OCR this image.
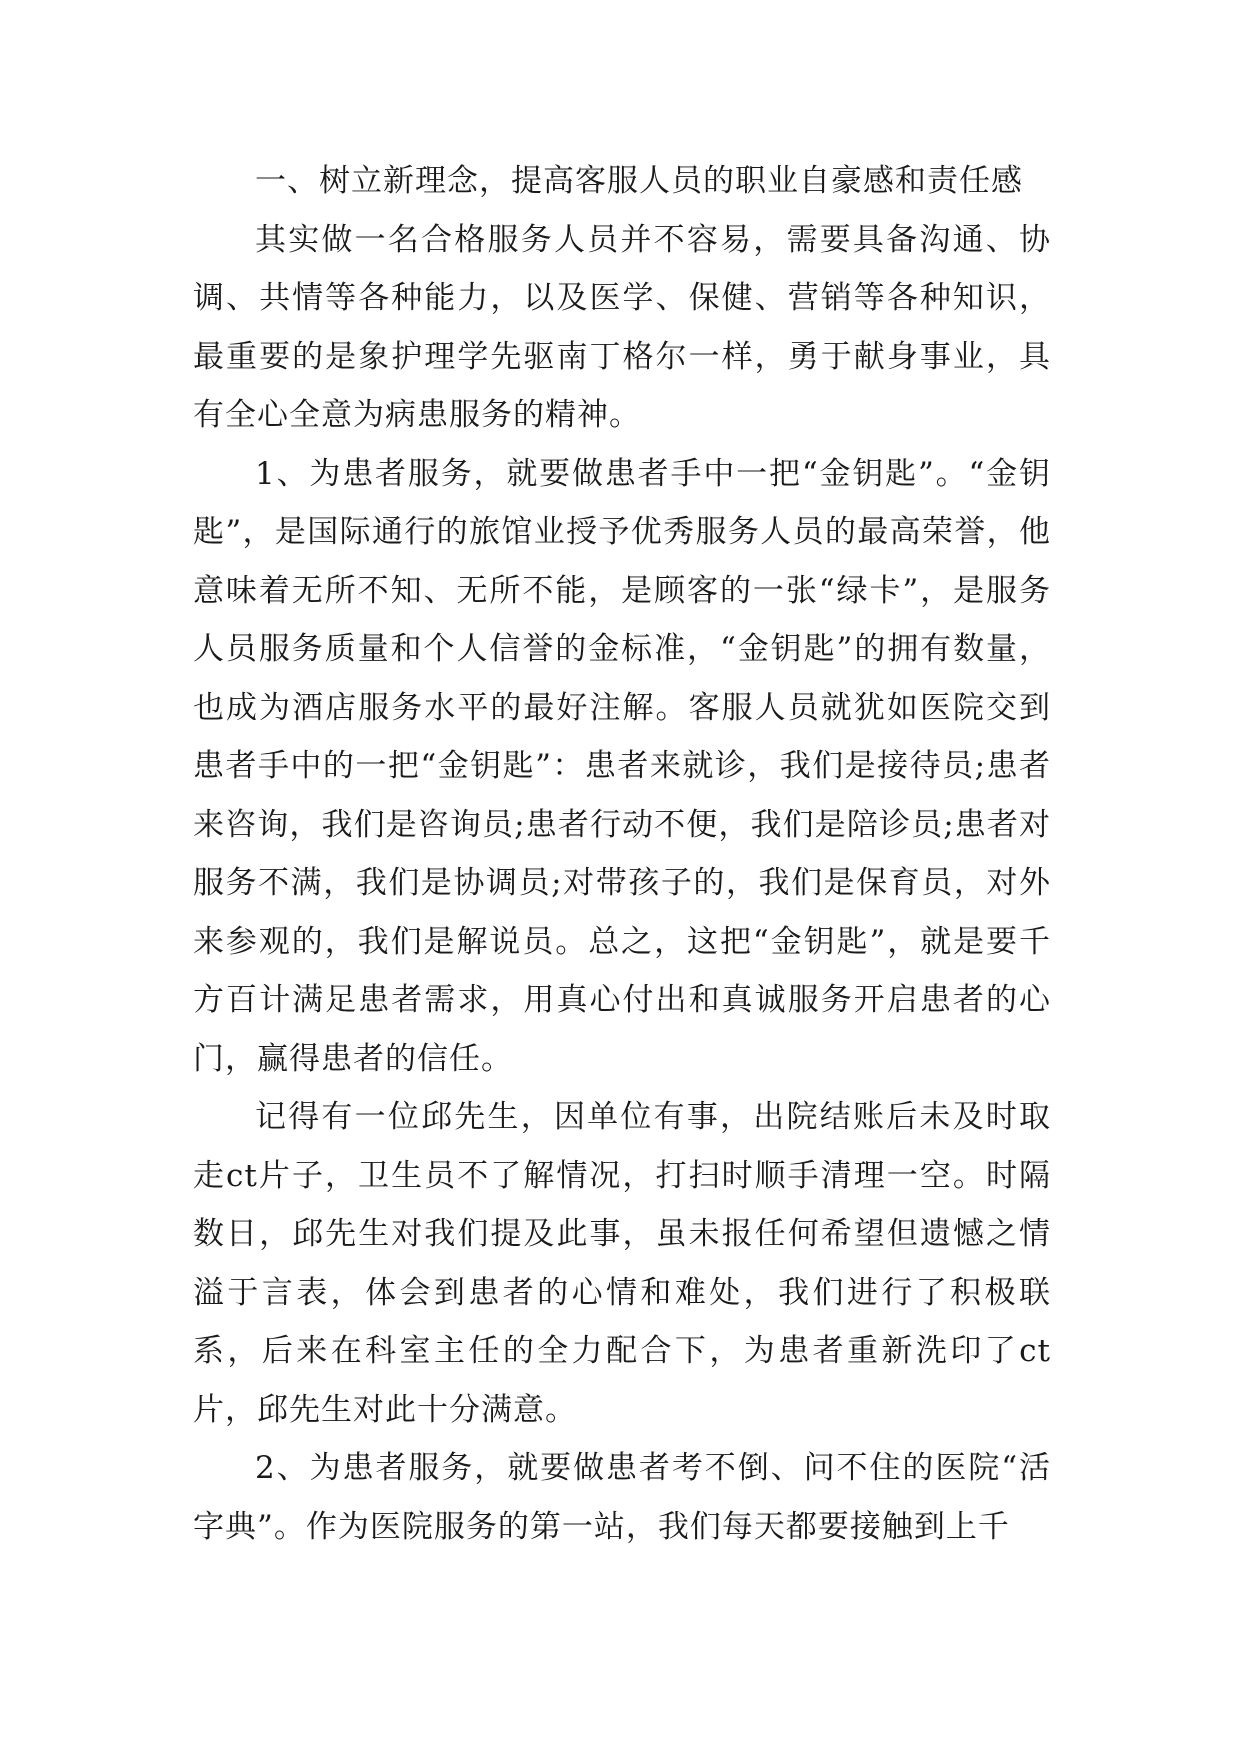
一、树立新理念，提高客服人员的职业自豪感和责任感

其实做一名合格服务人员并不容易，需要具备沟通、协调、共情等各种能力，以及医学、保健、营销等各种知识，最重要的是象护理学先驱南丁格尔一样，勇于献身事业，具有全心全意为病患服务的精神。

1、为患者服务，就要做患者手中一把“金钥匙”。“金钥匙”，是国际通行的旅馆业授予优秀服务人员的最高荣誉，他意味着无所不知、无所不能，是顾客的一张“绿卡”，是服务人员服务质量和个人信誉的金标准，“金钥匙”的拥有数量，也成为酒店服务水平的最好注解。客服人员就犹如医院交到患者手中的一把“金钥匙”：患者来就诊，我们是接待员;患者来咨询，我们是咨询员;患者行动不便，我们是陪诊员;患者对服务不满，我们是协调员;对带孩子的，我们是保育员，对外来参观的，我们是解说员。总之，这把“金钥匙”，就是要千方百计满足患者需求，用真心付出和真诚服务开启患者的心门，赢得患者的信任。

记得有一位邱先生，因单位有事，出院结账后未及时取走ct片子，卫生员不了解情况，打扫时顺手清理一空。时隔数日，邱先生对我们提及此事，虽未报任何希望但遗憾之情溢于言表，体会到患者的心情和难处，我们进行了积极联系，后来在科室主任的全力配合下，为患者重新洗印了ct片，邱先生对此十分满意。

2、为患者服务，就要做患者考不倒、问不住的医院“活字典”。作为医院服务的第一站，我们每天都要接触到上千
